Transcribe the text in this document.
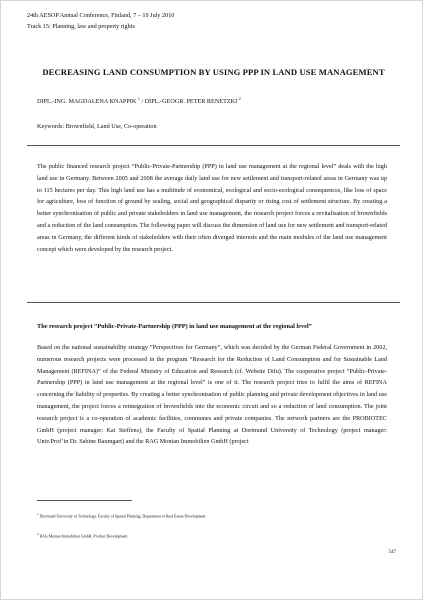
24th AESOP Annual Conference, Finland, 7 – 10 July 2010
Track 15: Planning, law and property rights
DECREASING LAND CONSUMPTION BY USING PPP IN LAND USE MANAGEMENT
DIPL.-ING. MAGDALENA KNAPPIK $^1$ / DIPL.-GEOGR. PETER RENETZKI $^2$
Keywords: Brownfield, Land Use, Co-operation

The public financed research project “Public-Private-Partnership (PPP) in land use management at the regional level” deals with the high land use in Germany. Between 2005 and 2008 the average daily land use for new settlement and transport-related areas in Germany was up to 115 hectares per day. This high land use has a multitude of economical, ecological and socio-ecological consequences, like loss of space for agriculture, loss of function of ground by sealing, social and geographical disparity or rising cost of settlement structure. By creating a better synchronisation of public and private stakeholders in land use management, the research project forces a revitalisation of brownfields and a reduction of the land consumption. The following paper will discuss the dimension of land use for new settlement and transport-related areas in Germany, the different kinds of stakeholders with their often diverged interests and the main modules of the land use management concept which were developed by the research project.

The research project “Public-Private-Partnership (PPP) in land use management at the regional level”

Based on the national sustainability strategy “Perspectives for Germany”, which was decided by the German Federal Government in 2002, numerous research projects were processed in the program “Research for the Reduction of Land Consumption and for Sustainable Land Management (REFINA)” of the Federal Ministry of Education and Research (cf. Website Difu). The cooperative project “Public-Private-Partnership (PPP) in land use management at the regional level” is one of it. The research project tries to fulfil the aims of REFINA concerning the liability of properties. By creating a better synchronisation of public planning and private development objectives in land use management, the project forces a reintegration of brownfields into the economic circuit and so a reduction of land consumption. The joint research project is a co-operation of academic facilities, communes and private companies. The network partners are the PROBIOTEC GmbH (project manager: Kai Steffens), the Faculty of Spatial Planning at Dortmund University of Technology (project manager: Univ.Prof’in Dr. Sabine Baumgart) and the RAG Montan Immobilien GmbH (project

$^1$ Dortmund University of Technology, Faculty of Spatial Planning, Department of Real Estate Development
$^2$ RAG Montan Immobilien GmbH, Product Development
547
